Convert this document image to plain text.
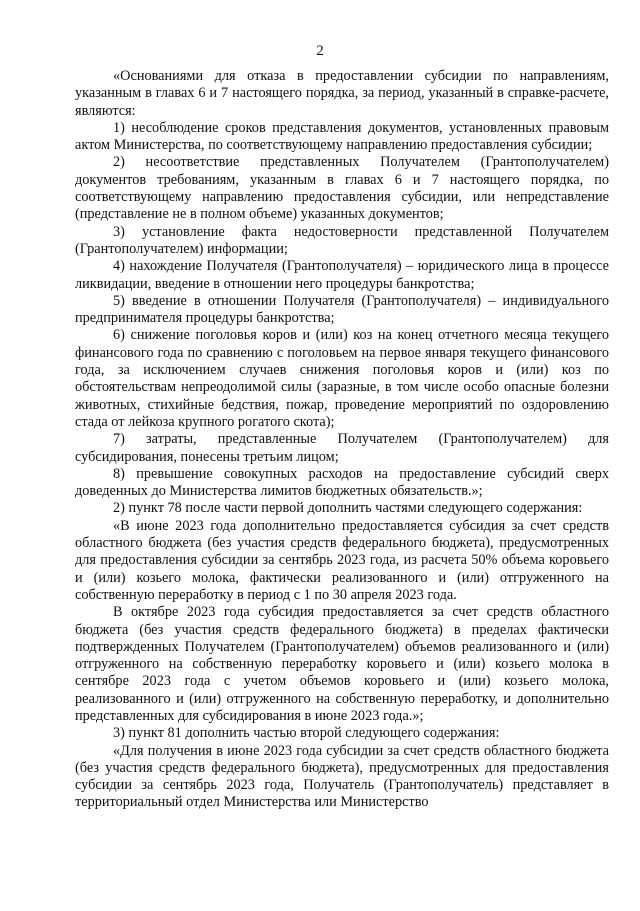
2

«Основаниями для отказа в предоставлении субсидии по направлениям, указанным в главах 6 и 7 настоящего порядка, за период, указанный в справке-расчете, являются:

1) несоблюдение сроков представления документов, установленных правовым актом Министерства, по соответствующему направлению предоставления субсидии;

2) несоответствие представленных Получателем (Грантополучателем) документов требованиям, указанным в главах 6 и 7 настоящего порядка, по соответствующему направлению предоставления субсидии, или непредставление (представление не в полном объеме) указанных документов;

3) установление факта недостоверности представленной Получателем (Грантополучателем) информации;

4) нахождение Получателя (Грантополучателя) – юридического лица в процессе ликвидации, введение в отношении него процедуры банкротства;

5) введение в отношении Получателя (Грантополучателя) – индивидуального предпринимателя процедуры банкротства;

6) снижение поголовья коров и (или) коз на конец отчетного месяца текущего финансового года по сравнению с поголовьем на первое января текущего финансового года, за исключением случаев снижения поголовья коров и (или) коз по обстоятельствам непреодолимой силы (заразные, в том числе особо опасные болезни животных, стихийные бедствия, пожар, проведение мероприятий по оздоровлению стада от лейкоза крупного рогатого скота);

7) затраты, представленные Получателем (Грантополучателем) для субсидирования, понесены третьим лицом;

8) превышение совокупных расходов на предоставление субсидий сверх доведенных до Министерства лимитов бюджетных обязательств.»;

2) пункт 78 после части первой дополнить частями следующего содержания:

«В июне 2023 года дополнительно предоставляется субсидия за счет средств областного бюджета (без участия средств федерального бюджета), предусмотренных для предоставления субсидии за сентябрь 2023 года, из расчета 50% объема коровьего и (или) козьего молока, фактически реализованного и (или) отгруженного на собственную переработку в период с 1 по 30 апреля 2023 года.

В октябре 2023 года субсидия предоставляется за счет средств областного бюджета (без участия средств федерального бюджета) в пределах фактически подтвержденных Получателем (Грантополучателем) объемов реализованного и (или) отгруженного на собственную переработку коровьего и (или) козьего молока в сентябре 2023 года с учетом объемов коровьего и (или) козьего молока, реализованного и (или) отгруженного на собственную переработку, и дополнительно представленных для субсидирования в июне 2023 года.»;

3) пункт 81 дополнить частью второй следующего содержания:

«Для получения в июне 2023 года субсидии за счет средств областного бюджета (без участия средств федерального бюджета), предусмотренных для предоставления субсидии за сентябрь 2023 года, Получатель (Грантополучатель) представляет в территориальный отдел Министерства или Министерство
